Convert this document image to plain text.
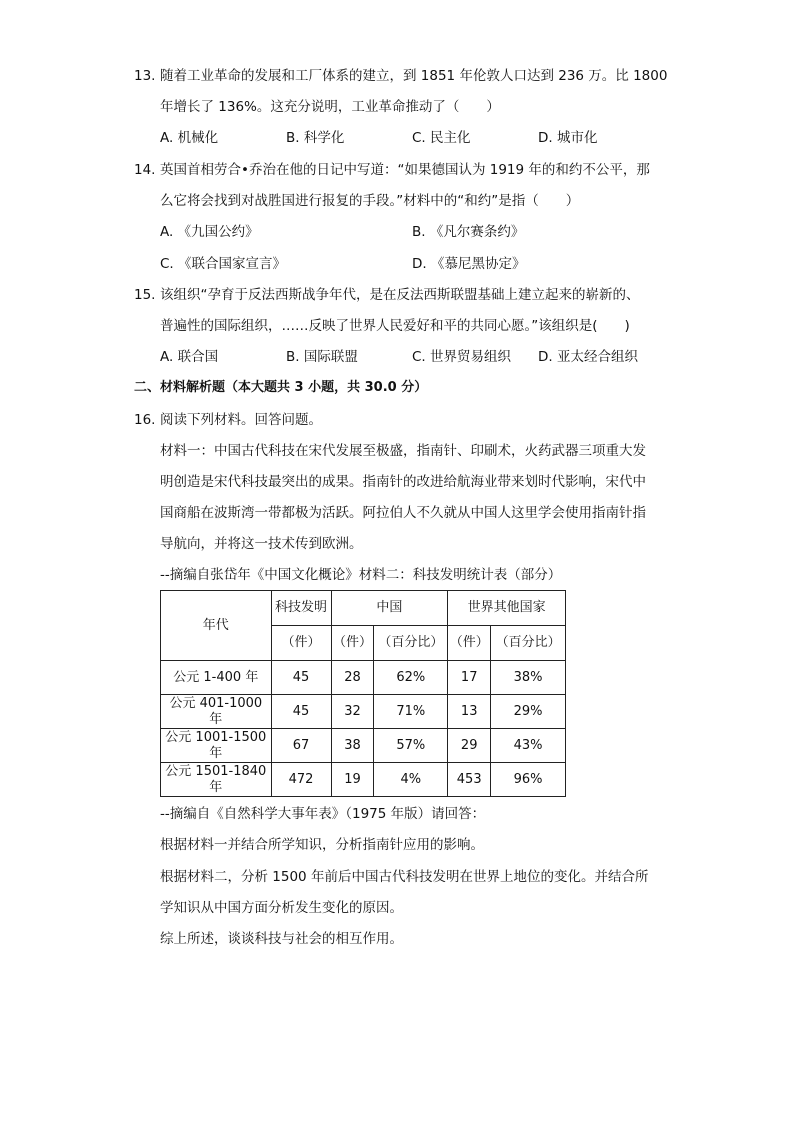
13. 随着工业革命的发展和工厂体系的建立，到 1851 年伦敦人口达到 236 万。比 1800
年增长了 136%。这充分说明，工业革命推动了（　　）
A. 机械化	B. 科学化	C. 民主化	D. 城市化
14. 英国首相劳合•乔治在他的日记中写道：“如果德国认为 1919 年的和约不公平，那
么它将会找到对战胜国进行报复的手段。”材料中的“和约”是指（　　）
A. 《九国公约》	B. 《凡尔赛条约》
C. 《联合国家宣言》	D. 《慕尼黑协定》
15. 该组织“孕育于反法西斯战争年代，是在反法西斯联盟基础上建立起来的崭新的、
普遍性的国际组织，……反映了世界人民爱好和平的共同心愿。”该组织是(　　)
A. 联合国	B. 国际联盟	C. 世界贸易组织 D. 亚太经合组织
二、材料解析题（本大题共 3 小题，共 30.0 分）
16. 阅读下列材料。回答问题。
材料一：中国古代科技在宋代发展至极盛，指南针、印刷术，火药武器三项重大发
明创造是宋代科技最突出的成果。指南针的改进给航海业带来划时代影响，宋代中
国商船在波斯湾一带都极为活跃。阿拉伯人不久就从中国人这里学会使用指南针指
导航向，并将这一技术传到欧洲。
--摘编自张岱年《中国文化概论》材料二：科技发明统计表（部分）
年代	科技发明	中国		世界其他国家	
	（件）	（件）	（百分比）	（件）	（百分比）
公元 1-400 年	45	28	62%	17	38%
公元 401-1000 年	45	32	71%	13	29%
公元 1001-1500 年	67	38	57%	29	43%
公元 1501-1840 年	472	19	4%	453	96%
--摘编自《自然科学大事年表》（1975 年版）请回答：
根据材料一并结合所学知识，分析指南针应用的影响。
根据材料二，分析 1500 年前后中国古代科技发明在世界上地位的变化。并结合所
学知识从中国方面分析发生变化的原因。
综上所述，谈谈科技与社会的相互作用。
